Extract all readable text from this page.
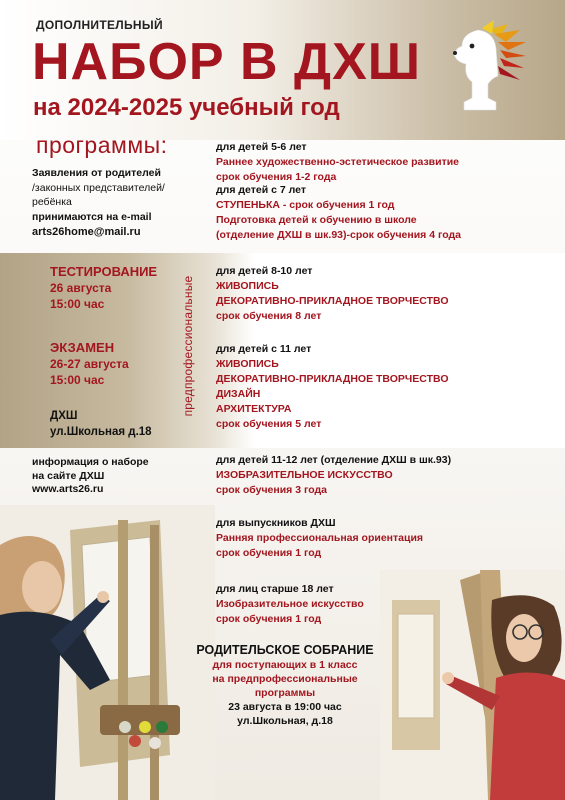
ДОПОЛНИТЕЛЬНЫЙ
НАБОР В ДХШ
на 2024-2025 учебный год
программы:
Заявления от родителей
/законных представителей/
ребёнка
принимаются на e-mail
arts26home@mail.ru
ТЕСТИРОВАНИЕ
26 августа
15:00 час
ЭКЗАМЕН
26-27 августа
15:00 час
ДХШ
ул.Школьная д.18
предпрофессиональные
для детей 5-6 лет
Раннее художественно-эстетическое развитие
срок обучения 1-2 года
для детей с 7 лет
СТУПЕНЬКА - срок обучения 1 год
Подготовка детей к обучению в школе
(отделение ДХШ в шк.93)-срок обучения 4 года
для детей 8-10 лет
ЖИВОПИСЬ
ДЕКОРАТИВНО-ПРИКЛАДНОЕ ТВОРЧЕСТВО
срок обучения 8 лет
для детей с 11 лет
ЖИВОПИСЬ
ДЕКОРАТИВНО-ПРИКЛАДНОЕ ТВОРЧЕСТВО
ДИЗАЙН
АРХИТЕКТУРА
срок обучения 5 лет
для детей 11-12 лет (отделение ДХШ в шк.93)
ИЗОБРАЗИТЕЛЬНОЕ ИСКУССТВО
срок обучения 3 года
для выпускников ДХШ
Ранняя профессиональная ориентация
срок обучения 1 год
для лиц старше 18 лет
Изобразительное искусство
срок обучения 1 год
информация о наборе
на сайте ДХШ
www.arts26.ru
РОДИТЕЛЬСКОЕ СОБРАНИЕ
для поступающих в 1 класс
на предпрофессиональные
программы
23 августа в 19:00 час
ул.Школьная, д.18
